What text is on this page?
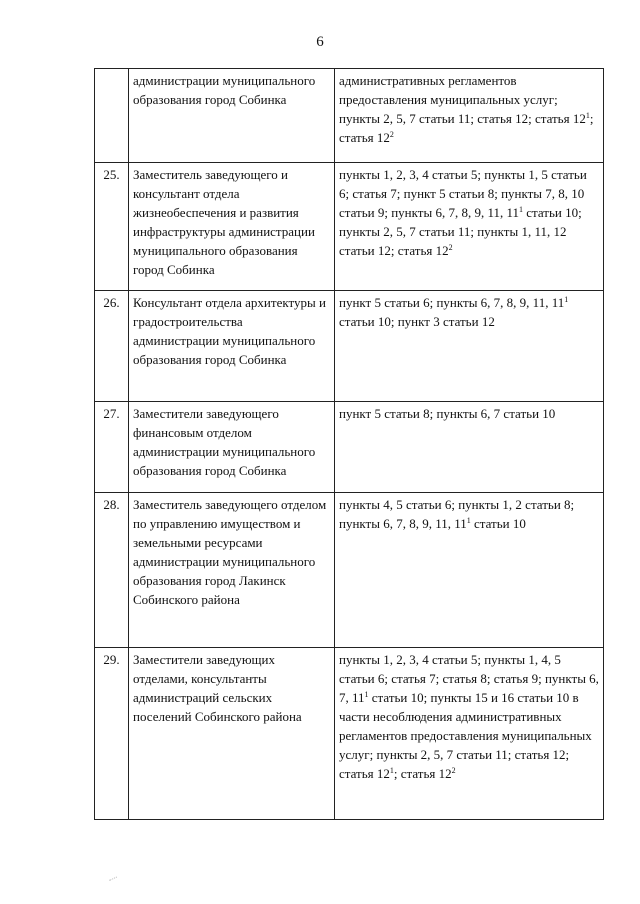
6
	администрации муниципального образования город Собинка	административных регламентов предоставления муниципальных услуг; пункты 2, 5, 7 статьи 11; статья 12; статья $12^1$; статья $12^2$
25.	Заместитель заведующего и консультант отдела жизнеобеспечения и развития инфраструктуры администрации муниципального образования город Собинка	пункты 1, 2, 3, 4 статьи 5; пункты 1, 5 статьи 6; статья 7; пункт 5 статьи 8; пункты 7, 8, 10 статьи 9; пункты 6, 7, 8, 9, 11, $11^1$ статьи 10; пункты 2, 5, 7 статьи 11; пункты 1, 11, 12 статьи 12; статья $12^2$
26.	Консультант отдела архитектуры и градостроительства администрации муниципального образования город Собинка	пункт 5 статьи 6; пункты 6, 7, 8, 9, 11, $11^1$ статьи 10; пункт 3 статьи 12
27.	Заместители заведующего финансовым отделом администрации муниципального образования город Собинка	пункт 5 статьи 8; пункты 6, 7 статьи 10
28.	Заместитель заведующего отделом по управлению имуществом и земельными ресурсами администрации муниципального образования город Лакинск Собинского района	пункты 4, 5 статьи 6; пункты 1, 2 статьи 8; пункты 6, 7, 8, 9, 11, $11^1$ статьи 10
29.	Заместители заведующих отделами, консультанты администраций сельских поселений Собинского района	пункты 1, 2, 3, 4 статьи 5; пункты 1, 4, 5 статьи 6; статья 7; статья 8; статья 9; пункты 6, 7, $11^1$ статьи 10; пункты 15 и 16 статьи 10 в части несоблюдения административных регламентов предоставления муниципальных услуг; пункты 2, 5, 7 статьи 11; статья 12; статья $12^1$; статья $12^2$
